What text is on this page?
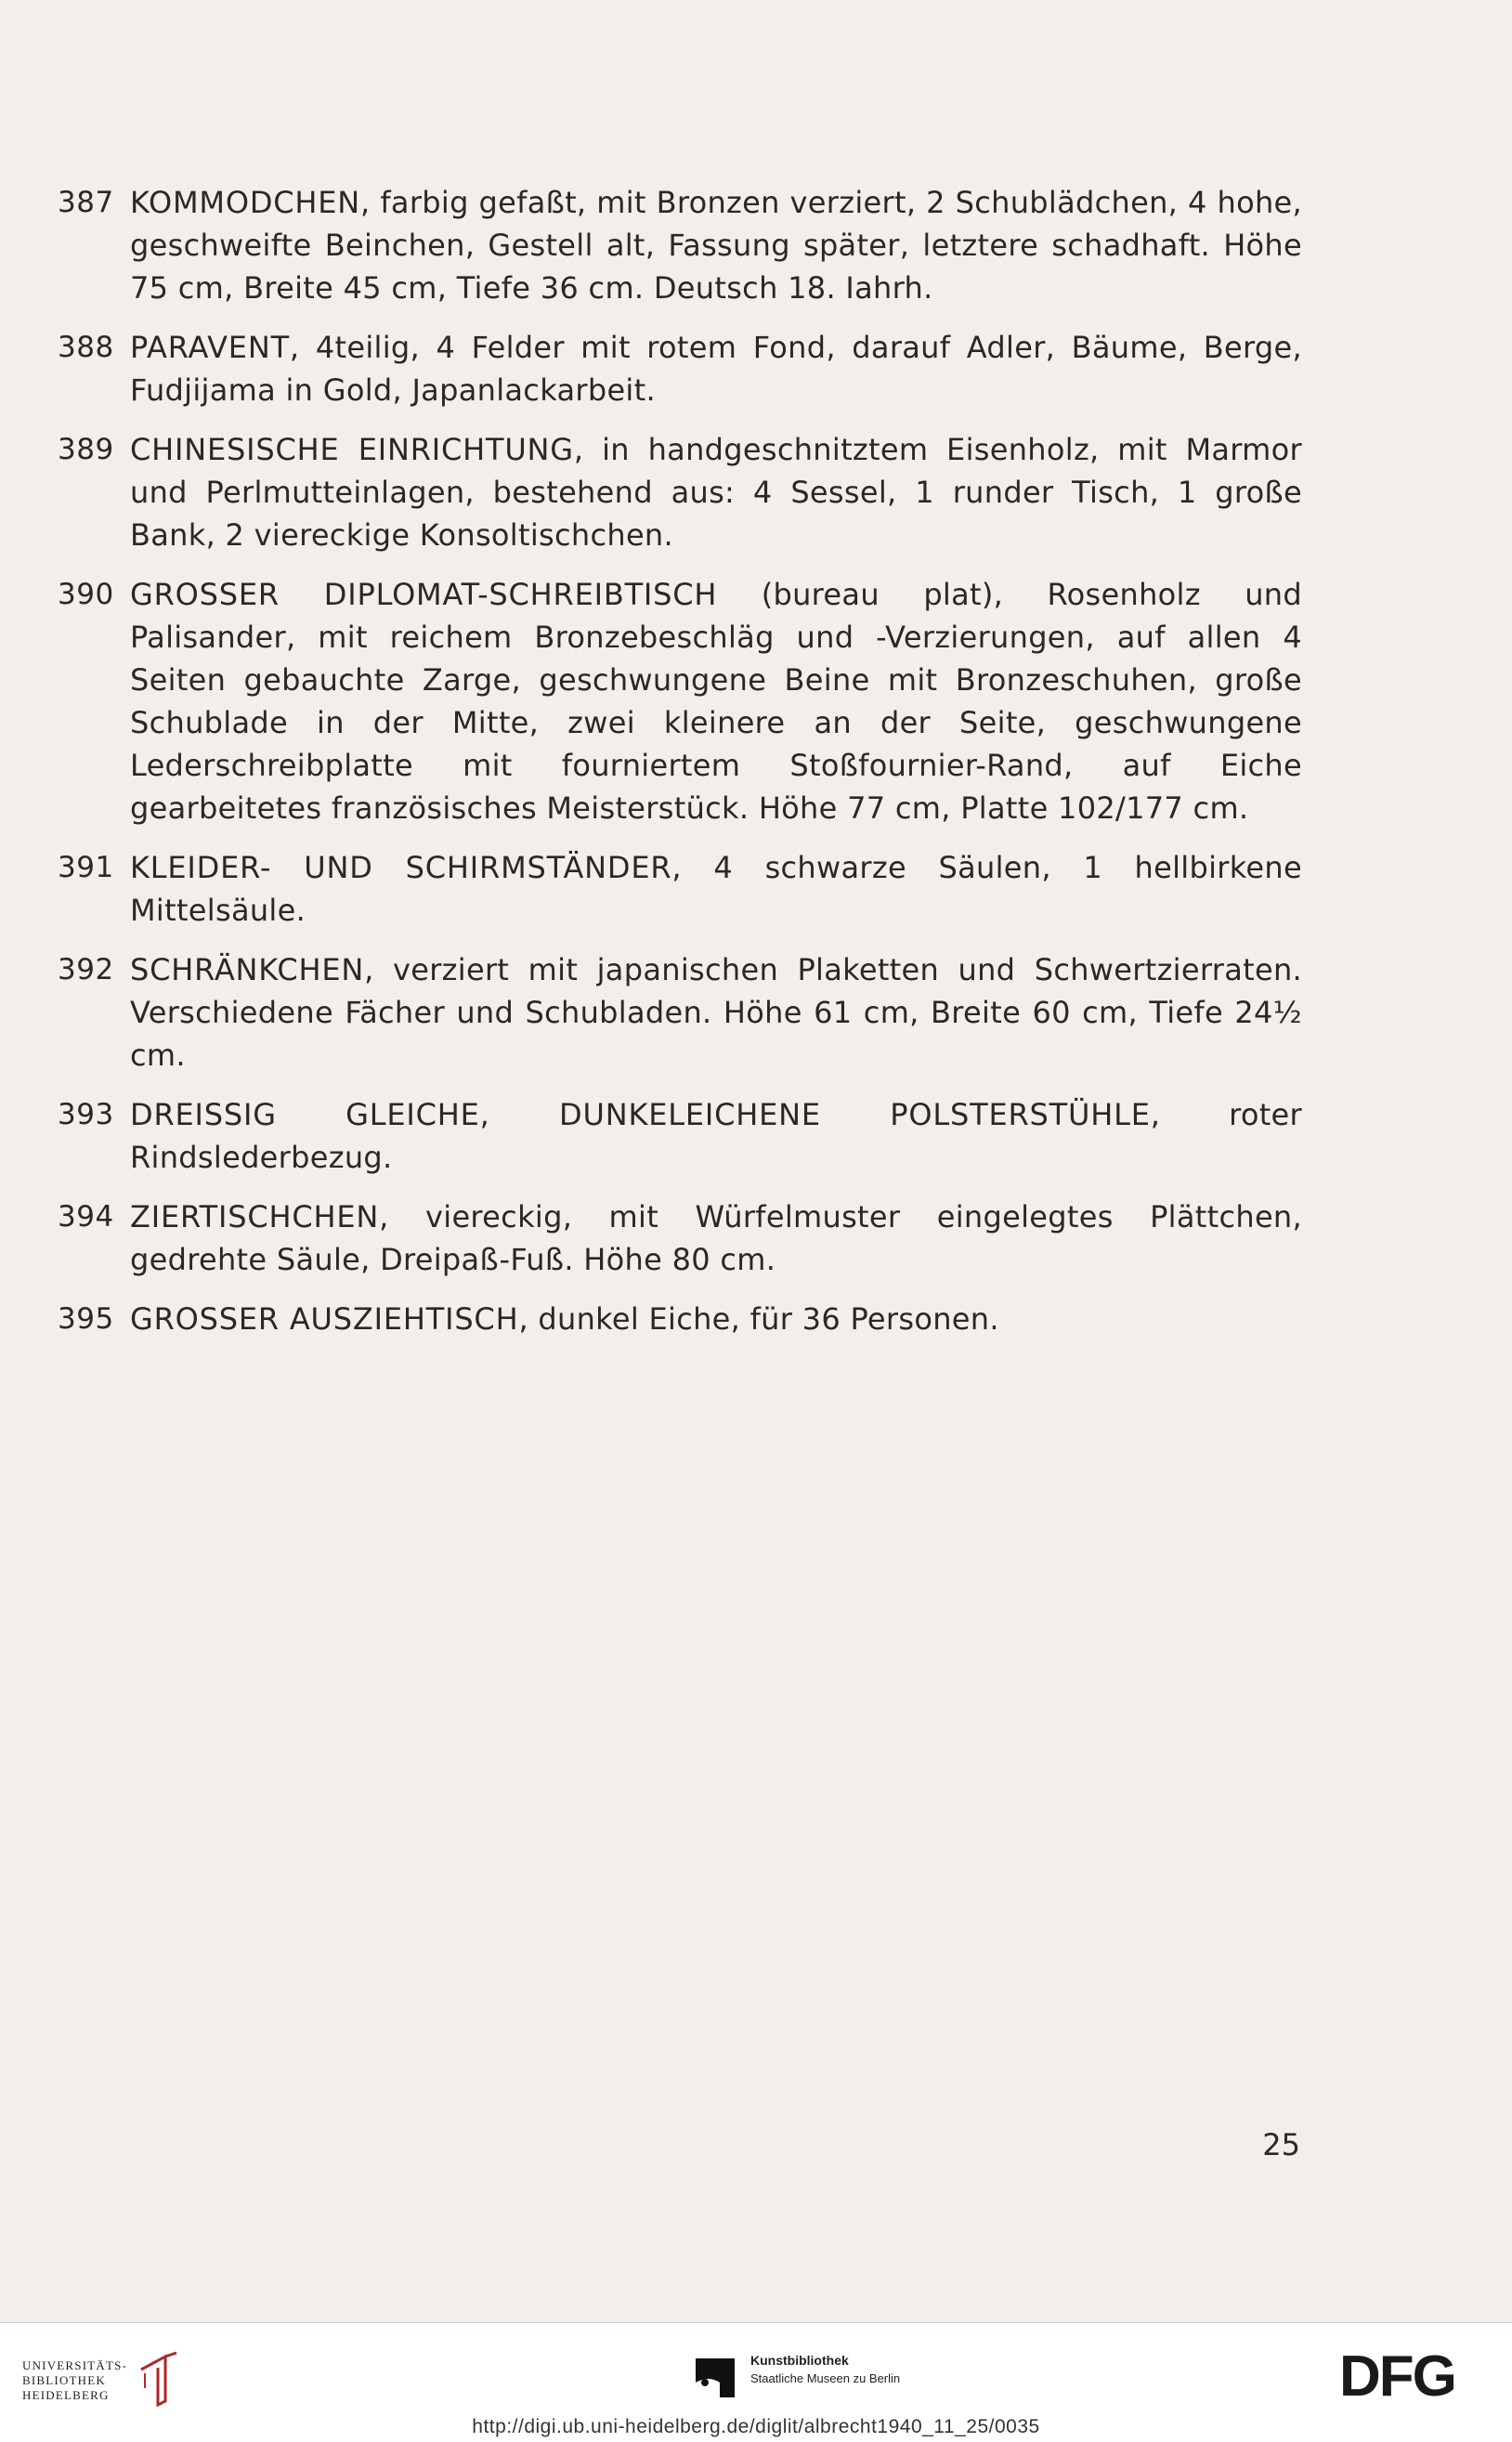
387 KOMMODCHEN, farbig gefaßt, mit Bronzen verziert, 2 Schublädchen, 4 hohe, geschweifte Beinchen, Gestell alt, Fassung später, letztere schadhaft. Höhe 75 cm, Breite 45 cm, Tiefe 36 cm. Deutsch 18. Iahrh.
388 PARAVENT, 4teilig, 4 Felder mit rotem Fond, darauf Adler, Bäume, Berge, Fudjijama in Gold, Japanlackarbeit.
389 CHINESISCHE EINRICHTUNG, in handgeschnitztem Eisenholz, mit Marmor und Perlmutteinlagen, bestehend aus: 4 Sessel, 1 runder Tisch, 1 große Bank, 2 viereckige Konsoltischchen.
390 GROSSER DIPLOMAT-SCHREIBTISCH (bureau plat), Rosenholz und Palisander, mit reichem Bronzebeschläg und -Verzierungen, auf allen 4 Seiten gebauchte Zarge, geschwungene Beine mit Bronzeschuhen, große Schublade in der Mitte, zwei kleinere an der Seite, geschwungene Lederschreibplatte mit fourniertem Stoßfournier-Rand, auf Eiche gearbeitetes französisches Meisterstück. Höhe 77 cm, Platte 102/177 cm.
391 KLEIDER- UND SCHIRMSTÄNDER, 4 schwarze Säulen, 1 hellbirkene Mittelsäule.
392 SCHRÄNKCHEN, verziert mit japanischen Plaketten und Schwertzierraten. Verschiedene Fächer und Schubladen. Höhe 61 cm, Breite 60 cm, Tiefe 24½ cm.
393 DREISSIG GLEICHE, DUNKELEICHENE POLSTERSTÜHLE, roter Rindslederbezug.
394 ZIERTISCHCHEN, viereckig, mit Würfelmuster eingelegtes Plättchen, gedrehte Säule, Dreipaß-Fuß. Höhe 80 cm.
395 GROSSER AUSZIEHTISCH, dunkel Eiche, für 36 Personen.
25
UNIVERSITÄTS-
BIBLIOTHEK
HEIDELBERG
Kunstbibliothek
Staatliche Museen zu Berlin	DFG
http://digi.ub.uni-heidelberg.de/diglit/albrecht1940_11_25/0035
